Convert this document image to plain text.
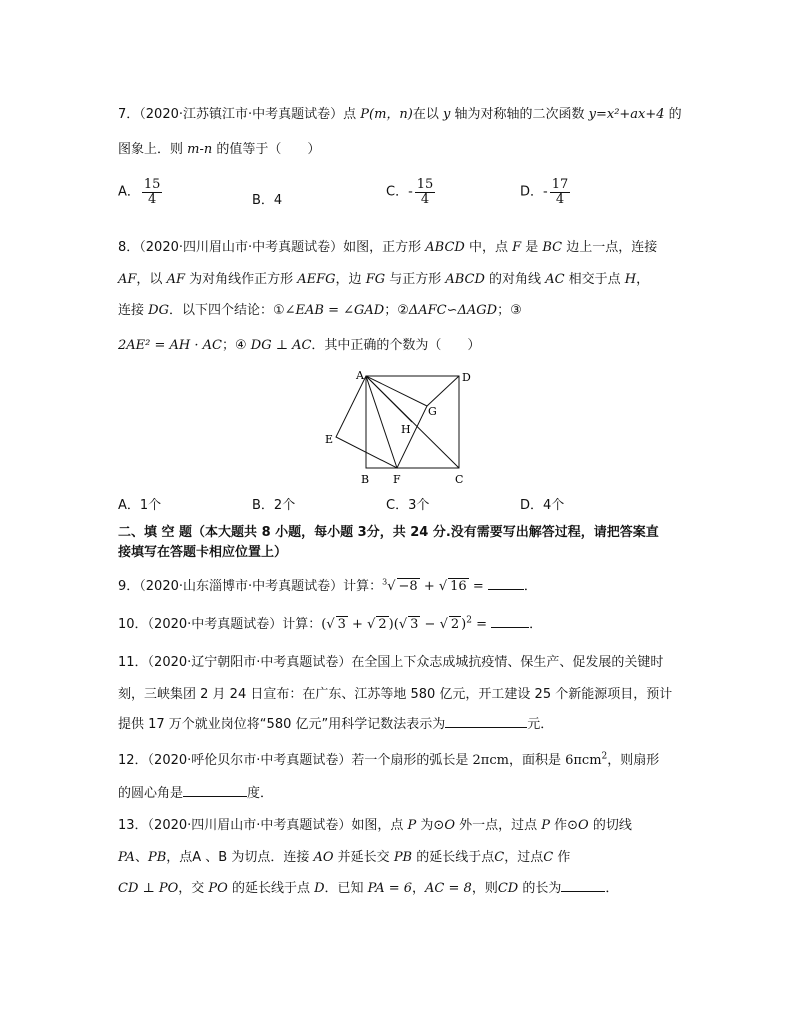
7．（2020·江苏镇江市·中考真题试卷）点 P(m，n)在以 y 轴为对称轴的二次函数 y=x²+ax+4 的
图象上．则 m-n 的值等于（　　）
A． $\frac{15}{4}$	B．4
C．- $\frac{15}{4}$	D．- $\frac{17}{4}$
8．（2020·四川眉山市·中考真题试卷）如图，正方形 ABCD 中，点 F 是 BC 边上一点，连接
AF，以 AF 为对角线作正方形 AEFG，边 FG 与正方形 ABCD 的对角线 AC 相交于点 H，
连接 DG．以下四个结论：①∠EAB = ∠GAD；②ΔAFC∽ΔAGD；③
2AE² = AH · AC；④ DG ⊥ AC．其中正确的个数为（　　）
A	D
G
H
E
B F	C
A．1个	B．2个	C．3个	D．4个
二、填 空 题（本大题共 8 小题，每小题 3分，共 24 分.没有需要写出解答过程，请把答案直
接填写在答题卡相应位置上）
9．（2020·山东淄博市·中考真题试卷）计算：$^3$√ −8 + √ 16 =	．
10．（2020·中考真题试卷）计算：(√ 3 + √ 2 )(√ 3 − √ 2 )$^2$ =	．
11．（2020·辽宁朝阳市·中考真题试卷）在全国上下众志成城抗疫情、保生产、促发展的关键时
刻，三峡集团 2 月 24 日宣布：在广东、江苏等地 580 亿元，开工建设 25 个新能源项目，预计
提供 17 万个就业岗位将“580 亿元”用科学记数法表示为	元．
12．（2020·呼伦贝尔市·中考真题试卷）若一个扇形的弧长是 2πcm，面积是 6πcm$^2$，则扇形
的圆心角是	度．
13．（2020·四川眉山市·中考真题试卷）如图，点 P 为⊙O 外一点，过点 P 作⊙O 的切线
PA、PB，点A 、B 为切点．连接 AO 并延长交 PB 的延长线于点C，过点C 作
CD ⊥ PO，交 PO 的延长线于点 D．已知 PA = 6，AC = 8，则CD 的长为	．
